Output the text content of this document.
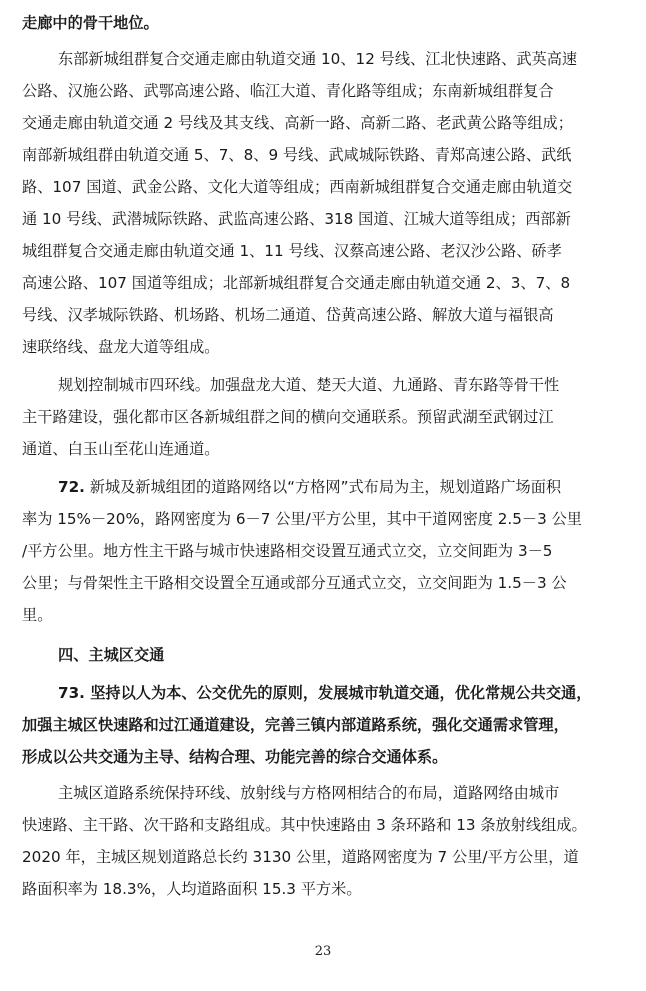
走廊中的骨干地位。
东部新城组群复合交通走廊由轨道交通 10、12 号线、江北快速路、武英高速
公路、汉施公路、武鄂高速公路、临江大道、青化路等组成；东南新城组群复合
交通走廊由轨道交通 2 号线及其支线、高新一路、高新二路、老武黄公路等组成；
南部新城组群由轨道交通 5、7、8、9 号线、武咸城际铁路、青郑高速公路、武纸
路、107 国道、武金公路、文化大道等组成；西南新城组群复合交通走廊由轨道交
通 10 号线、武潜城际铁路、武监高速公路、318 国道、江城大道等组成；西部新
城组群复合交通走廊由轨道交通 1、11 号线、汉蔡高速公路、老汉沙公路、硚孝
高速公路、107 国道等组成；北部新城组群复合交通走廊由轨道交通 2、3、7、8
号线、汉孝城际铁路、机场路、机场二通道、岱黄高速公路、解放大道与福银高
速联络线、盘龙大道等组成。
规划控制城市四环线。加强盘龙大道、楚天大道、九通路、青东路等骨干性
主干路建设，强化都市区各新城组群之间的横向交通联系。预留武湖至武钢过江
通道、白玉山至花山连通道。
72. 新城及新城组团的道路网络以“方格网”式布局为主，规划道路广场面积
率为 15%－20%，路网密度为 6－7 公里/平方公里，其中干道网密度 2.5－3 公里
/平方公里。地方性主干路与城市快速路相交设置互通式立交，立交间距为 3－5
公里；与骨架性主干路相交设置全互通或部分互通式立交，立交间距为 1.5－3 公
里。
四、主城区交通
73. 坚持以人为本、公交优先的原则，发展城市轨道交通，优化常规公共交通，
加强主城区快速路和过江通道建设，完善三镇内部道路系统，强化交通需求管理，
形成以公共交通为主导、结构合理、功能完善的综合交通体系。
主城区道路系统保持环线、放射线与方格网相结合的布局，道路网络由城市
快速路、主干路、次干路和支路组成。其中快速路由 3 条环路和 13 条放射线组成。
2020 年，主城区规划道路总长约 3130 公里，道路网密度为 7 公里/平方公里，道
路面积率为 18.3%，人均道路面积 15.3 平方米。
23
